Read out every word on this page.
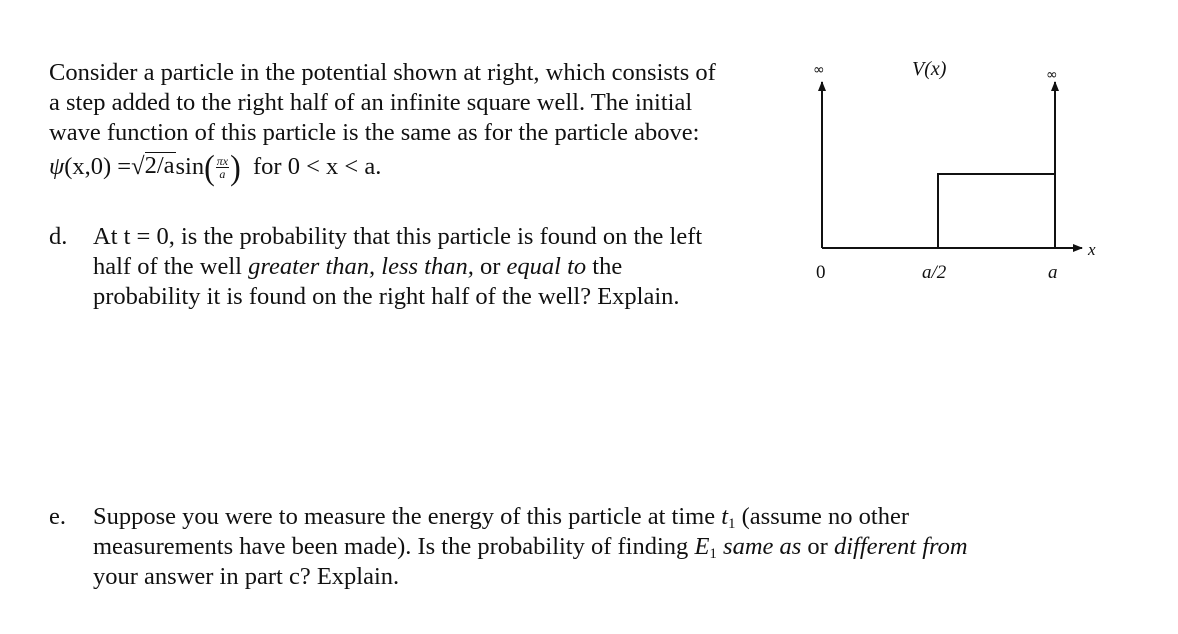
Consider a particle in the potential shown at right, which consists of
a step added to the right half of an infinite square well. The initial
wave function of this particle is the same as for the particle above:
ψ (x,0) = √ 2/a sin ( $\frac{\pi x}{a}$ ) for 0 < x < a.
d. At t = 0, is the probability that this particle is found on the left
half of the well greater than, less than, or equal to the
probability it is found on the right half of the well? Explain.
e. Suppose you were to measure the energy of this particle at time $t_1$ (assume no other
measurements have been made). Is the probability of finding $E_1$ same as or different from
your answer in part c? Explain.
V(x)
∞	∞
x
0	a/2	a
